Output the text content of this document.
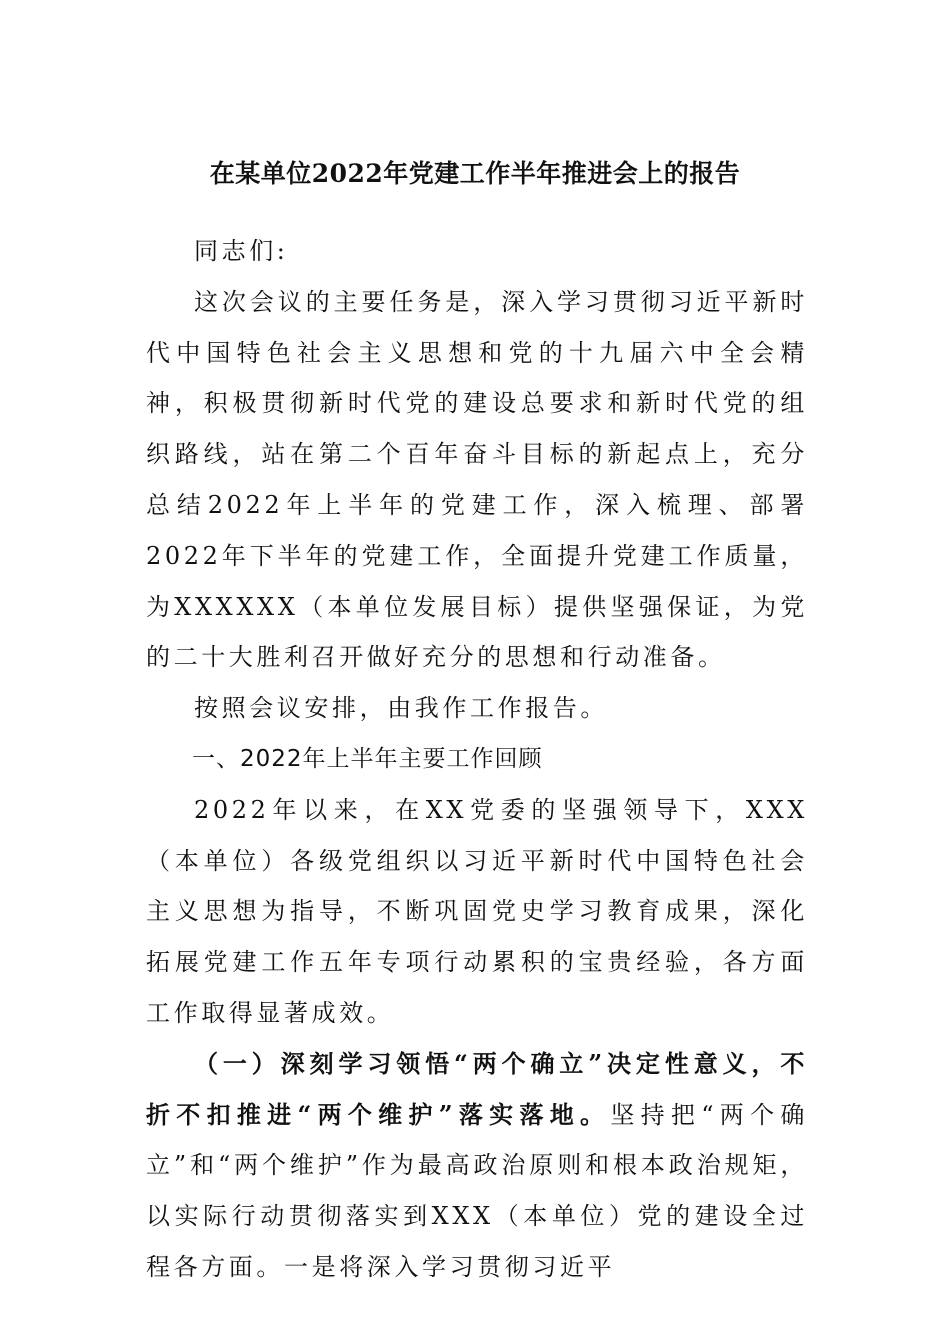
在某单位2022年党建工作半年推进会上的报告

同志们:

这次会议的主要任务是，深入学习贯彻习近平新时代中国特色社会主义思想和党的十九届六中全会精神，积极贯彻新时代党的建设总要求和新时代党的组织路线，站在第二个百年奋斗目标的新起点上，充分总结2022年上半年的党建工作，深入梳理、部署2022年下半年的党建工作，全面提升党建工作质量，为XXXXXX（本单位发展目标）提供坚强保证，为党的二十大胜利召开做好充分的思想和行动准备。

按照会议安排，由我作工作报告。

一、2022年上半年主要工作回顾

2022年以来，在XX党委的坚强领导下，XXX（本单位）各级党组织以习近平新时代中国特色社会主义思想为指导，不断巩固党史学习教育成果，深化拓展党建工作五年专项行动累积的宝贵经验，各方面工作取得显著成效。

（一）深刻学习领悟“两个确立”决定性意义，不折不扣推进“两个维护”落实落地。坚持把“两个确立”和“两个维护”作为最高政治原则和根本政治规矩，以实际行动贯彻落实到XXX（本单位）党的建设全过程各方面。一是将深入学习贯彻习近平
